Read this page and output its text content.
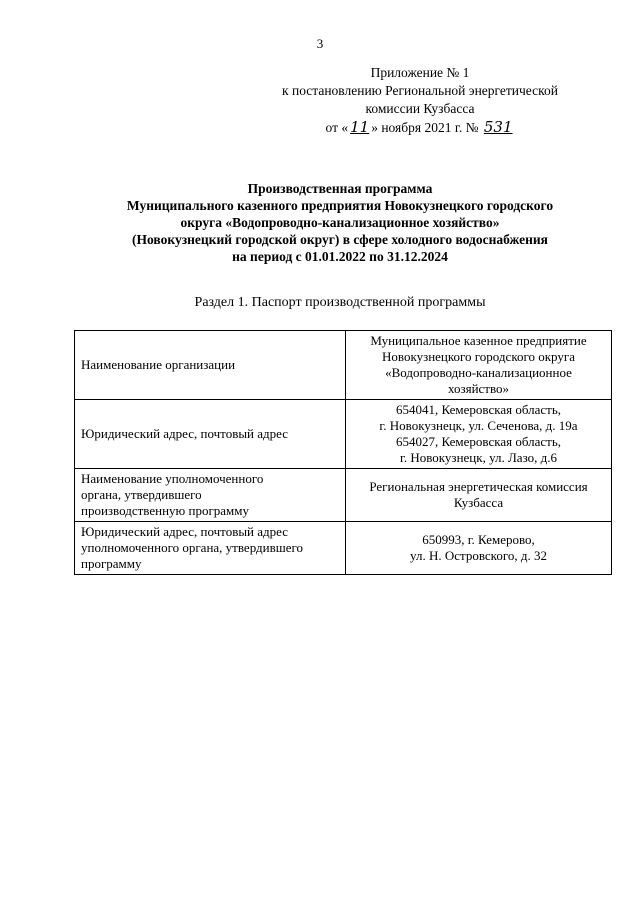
3
Приложение № 1
к постановлению Региональной энергетической
комиссии Кузбасса
от « 11 » ноября 2021 г. № 531
Производственная программа
Муниципального казенного предприятия Новокузнецкого городского
округа «Водопроводно-канализационное хозяйство»
(Новокузнецкий городской округ) в сфере холодного водоснабжения
на период с 01.01.2022 по 31.12.2024
Раздел 1. Паспорт производственной программы
Наименование организации	Муниципальное казенное предприятие
Новокузнецкого городского округа
«Водопроводно-канализационное
хозяйство»

Юридический адрес, почтовый адрес	654041, Кемеровская область,
г. Новокузнецк, ул. Сеченова, д. 19а
654027, Кемеровская область,
г. Новокузнецк, ул. Лазо, д.6

Наименование уполномоченного
органа, утвердившего
производственную программу	Региональная энергетическая комиссия
Кузбасса

Юридический адрес, почтовый адрес
уполномоченного органа, утвердившего
программу	650993, г. Кемерово,
ул. Н. Островского, д. 32
